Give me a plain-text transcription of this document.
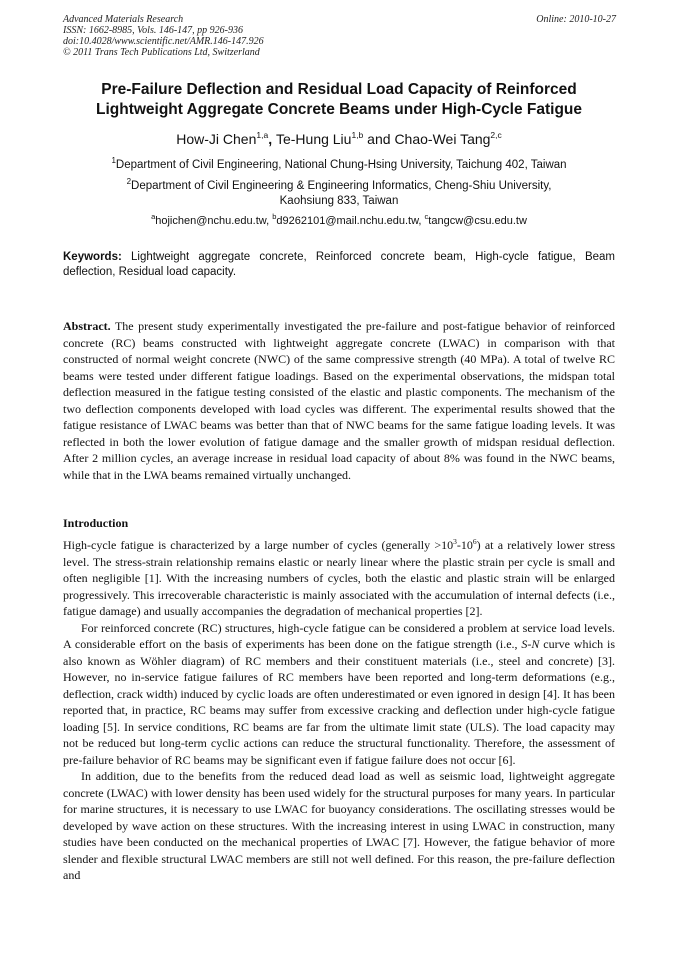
Advanced Materials Research
ISSN: 1662-8985, Vols. 146-147, pp 926-936
doi:10.4028/www.scientific.net/AMR.146-147.926
© 2011 Trans Tech Publications Ltd, Switzerland
Online: 2010-10-27
Pre-Failure Deflection and Residual Load Capacity of Reinforced
Lightweight Aggregate Concrete Beams under High-Cycle Fatigue
How-Ji Chen$^{1,a}$, Te-Hung Liu$^{1,b}$ and Chao-Wei Tang$^{2,c}$
$^1$Department of Civil Engineering, National Chung-Hsing University, Taichung 402, Taiwan
$^2$Department of Civil Engineering & Engineering Informatics, Cheng-Shiu University,
Kaohsiung 833, Taiwan
$^a$hojichen@nchu.edu.tw, $^b$d9262101@mail.nchu.edu.tw, $^c$tangcw@csu.edu.tw
Keywords: Lightweight aggregate concrete, Reinforced concrete beam, High-cycle fatigue, Beam deflection, Residual load capacity.
Abstract. The present study experimentally investigated the pre-failure and post-fatigue behavior of reinforced concrete (RC) beams constructed with lightweight aggregate concrete (LWAC) in comparison with that constructed of normal weight concrete (NWC) of the same compressive strength (40 MPa). A total of twelve RC beams were tested under different fatigue loadings. Based on the experimental observations, the midspan total deflection measured in the fatigue testing consisted of the elastic and plastic components. The mechanism of the two deflection components developed with load cycles was different. The experimental results showed that the fatigue resistance of LWAC beams was better than that of NWC beams for the same fatigue loading levels. It was reflected in both the lower evolution of fatigue damage and the smaller growth of midspan residual deflection. After 2 million cycles, an average increase in residual load capacity of about 8% was found in the NWC beams, while that in the LWA beams remained virtually unchanged.
Introduction

High-cycle fatigue is characterized by a large number of cycles (generally $>10^3-10^6$) at a relatively lower stress level. The stress-strain relationship remains elastic or nearly linear where the plastic strain per cycle is small and often negligible [1]. With the increasing numbers of cycles, both the elastic and plastic strain will be enlarged progressively. This irrecoverable characteristic is mainly associated with the accumulation of internal defects (i.e., fatigue damage) and usually accompanies the degradation of mechanical properties [2].

For reinforced concrete (RC) structures, high-cycle fatigue can be considered a problem at service load levels. A considerable effort on the basis of experiments has been done on the fatigue strength (i.e., S-N curve which is also known as Wöhler diagram) of RC members and their constituent materials (i.e., steel and concrete) [3]. However, no in-service fatigue failures of RC members have been reported and long-term deformations (e.g., deflection, crack width) induced by cyclic loads are often underestimated or even ignored in design [4]. It has been reported that, in practice, RC beams may suffer from excessive cracking and deflection under high-cycle fatigue loading [5]. In service conditions, RC beams are far from the ultimate limit state (ULS). The load capacity may not be reduced but long-term cyclic actions can reduce the structural functionality. Therefore, the assessment of pre-failure behavior of RC beams may be significant even if fatigue failure does not occur [6].

In addition, due to the benefits from the reduced dead load as well as seismic load, lightweight aggregate concrete (LWAC) with lower density has been used widely for the structural purposes for many years. In particular for marine structures, it is necessary to use LWAC for buoyancy considerations. The oscillating stresses would be developed by wave action on these structures. With the increasing interest in using LWAC in construction, many studies have been conducted on the mechanical properties of LWAC [7]. However, the fatigue behavior of more slender and flexible structural LWAC members are still not well defined. For this reason, the pre-failure deflection and
